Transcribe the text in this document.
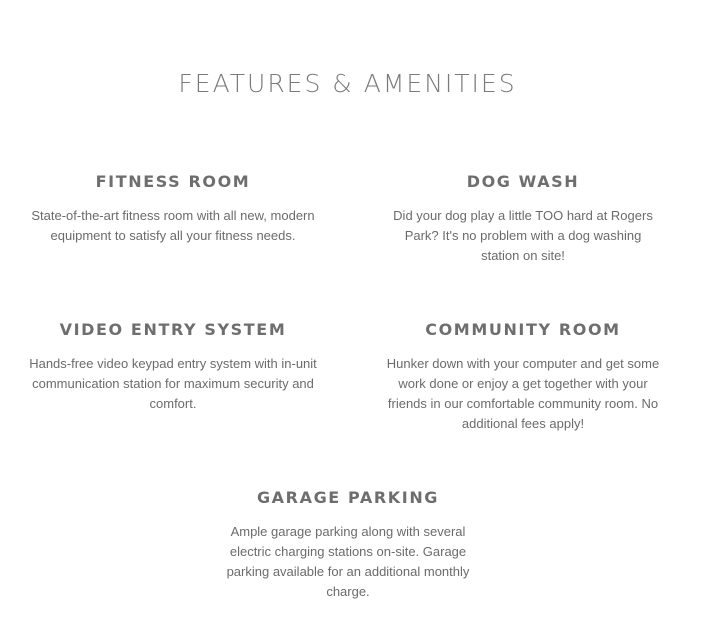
FEATURES & AMENITIES
FITNESS ROOM

State-of-the-art fitness room with all new, modern equipment to satisfy all your fitness needs.

DOG WASH

Did your dog play a little TOO hard at Rogers Park? It's no problem with a dog washing station on site!

VIDEO ENTRY SYSTEM

Hands-free video keypad entry system with in-unit communication station for maximum security and comfort.

COMMUNITY ROOM

Hunker down with your computer and get some work done or enjoy a get together with your friends in our comfortable community room. No additional fees apply!

GARAGE PARKING

Ample garage parking along with several electric charging stations on-site. Garage parking available for an additional monthly charge.
